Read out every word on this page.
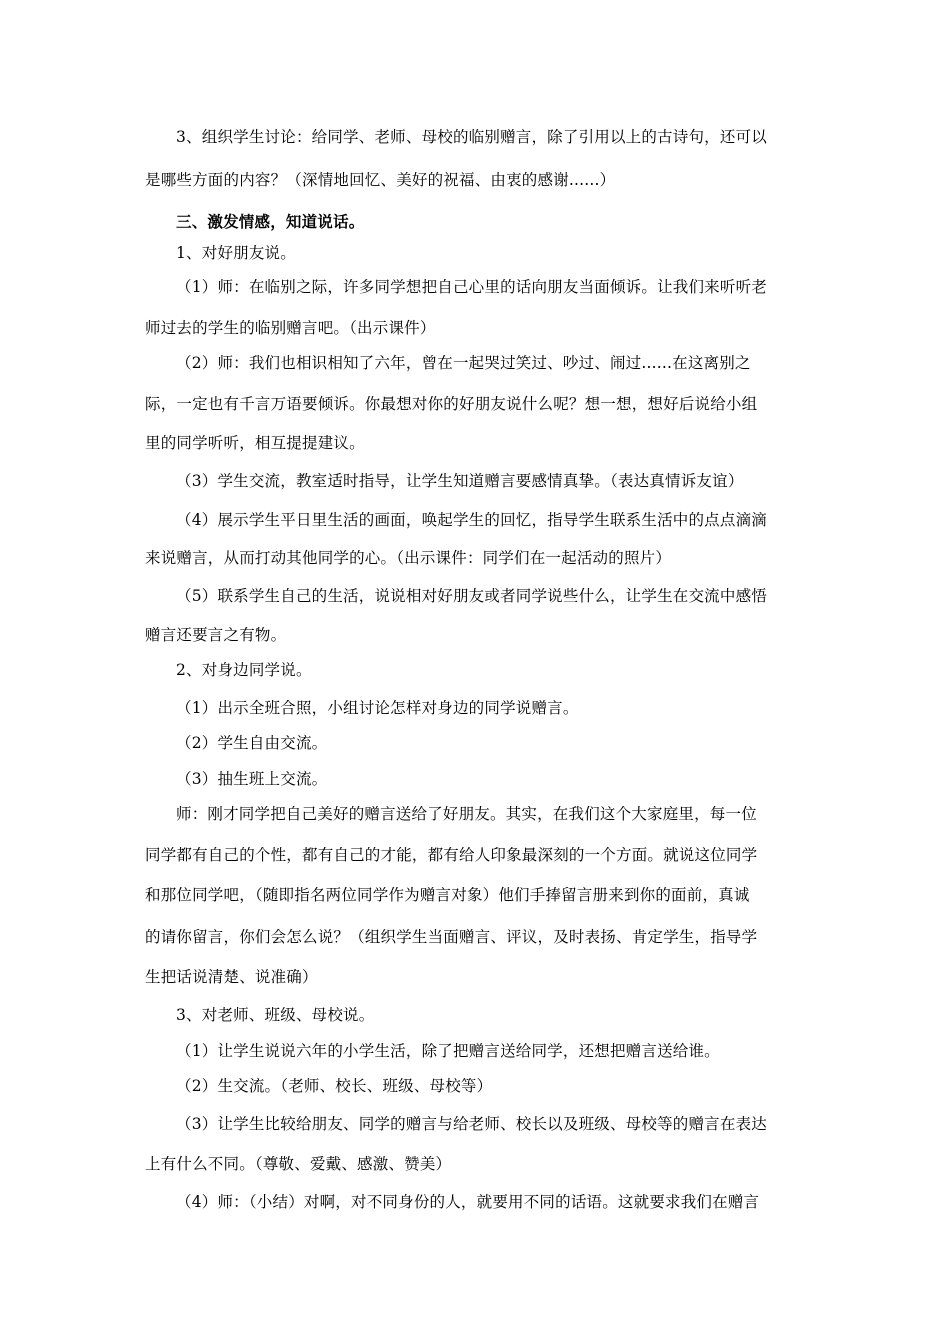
3、组织学生讨论：给同学、老师、母校的临别赠言，除了引用以上的古诗句，还可以
是哪些方面的内容？（深情地回忆、美好的祝福、由衷的感谢......）
三、激发情感，知道说话。
1、对好朋友说。
（1）师：在临别之际，许多同学想把自己心里的话向朋友当面倾诉。让我们来听听老
师过去的学生的临别赠言吧。（出示课件）
（2）师：我们也相识相知了六年，曾在一起哭过笑过、吵过、闹过......在这离别之
际，一定也有千言万语要倾诉。你最想对你的好朋友说什么呢？想一想，想好后说给小组
里的同学听听，相互提提建议。
（3）学生交流，教室适时指导，让学生知道赠言要感情真挚。（表达真情诉友谊）
（4）展示学生平日里生活的画面，唤起学生的回忆，指导学生联系生活中的点点滴滴
来说赠言，从而打动其他同学的心。（出示课件：同学们在一起活动的照片）
（5）联系学生自己的生活，说说相对好朋友或者同学说些什么，让学生在交流中感悟
赠言还要言之有物。
2、对身边同学说。
（1）出示全班合照，小组讨论怎样对身边的同学说赠言。
（2）学生自由交流。
（3）抽生班上交流。
师：刚才同学把自己美好的赠言送给了好朋友。其实，在我们这个大家庭里，每一位
同学都有自己的个性，都有自己的才能，都有给人印象最深刻的一个方面。就说这位同学
和那位同学吧，（随即指名两位同学作为赠言对象）他们手捧留言册来到你的面前，真诚
的请你留言，你们会怎么说？（组织学生当面赠言、评议，及时表扬、肯定学生，指导学
生把话说清楚、说准确）
3、对老师、班级、母校说。
（1）让学生说说六年的小学生活，除了把赠言送给同学，还想把赠言送给谁。
（2）生交流。（老师、校长、班级、母校等）
（3）让学生比较给朋友、同学的赠言与给老师、校长以及班级、母校等的赠言在表达
上有什么不同。（尊敬、爱戴、感激、赞美）
（4）师：（小结）对啊，对不同身份的人，就要用不同的话语。这就要求我们在赠言
